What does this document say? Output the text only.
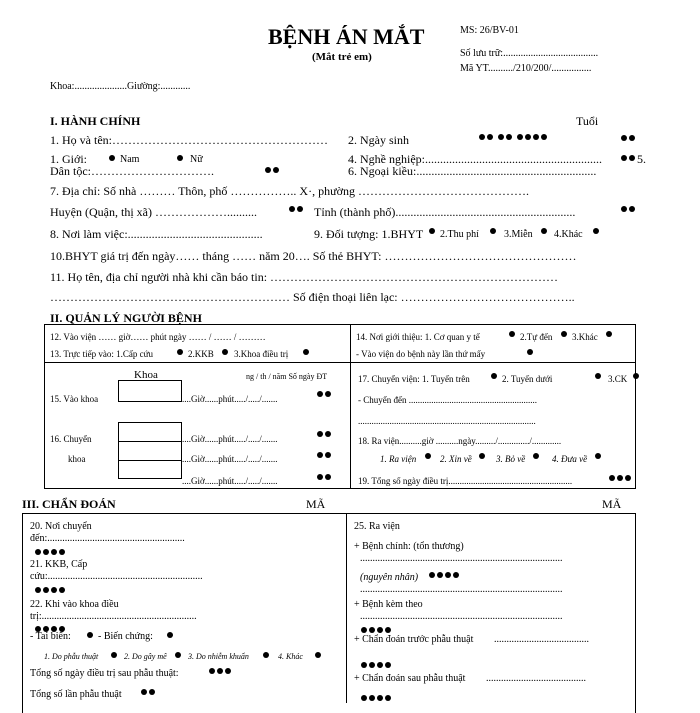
BỆNH ÁN MẮT
(Mắt trẻ em)
MS: 26/BV-01
Số lưu trữ:......................................
Mã YT........../210/200/................
Khoa:.....................Giường:............
I. HÀNH CHÍNH	Tuổi
1. Họ và tên:……………………………………………… 2. Ngày sinh

1. Giới:	Nam	Nữ
Dân tộc:………………………….
4. Nghề nghiệp:...........................................................	5.
6. Ngoại kiều:............................................................
7. Địa chỉ: Số nhà ……… Thôn, phố …………….. X·, phường …………………………………….
Huyện (Quận, thị xã) ………………..........	Tỉnh (thành phố)............................................................
8. Nơi làm việc:.............................................	9. Đối tượng: 1.BHYT 2.Thu phí	3.Miễn 4.Khác
10.BHYT giá trị đến ngày…… tháng …… năm 20…. Số thẻ BHYT: …………………………………………
11. Họ tên, địa chỉ người nhà khi cần báo tin: ………………………………………………………………
…………………………………………………… Số điện thoại liên lạc: ……………………………………..
II. QUẢN LÝ NGƯỜI BỆNH
12. Vào viện …… giờ…… phút ngày …… / …… / ………
13. Trực tiếp vào: 1.Cấp cứu	2.KKB 3.Khoa điều trị
14. Nơi giới thiệu: 1. Cơ quan y tế	2.Tự đến 3.Khác
- Vào viện do bệnh này lần thứ mấy
Khoa	ng / th / năm Số ngày ĐT
15. Vào khoa	....Giờ......phút...../...../.......
16. Chuyển
khoa
....Giờ......phút...../...../.......
....Giờ......phút...../...../.......
....Giờ......phút...../...../.......
17. Chuyển viện: 1. Tuyến trên	2. Tuyến dưới	3.CK
- Chuyển đến .........................................................
...............................................................................
18. Ra viện..........giờ ..........ngày........./............../.............
1. Ra viện	2. Xin về	3. Bỏ về	4. Đưa về
19. Tổng số ngày điều trị.......................................................
III. CHẨN ĐOÁN	MÃ	MÃ
20. Nơi chuyển
đến:.......................................................
21. KKB, Cấp
cứu:..............................................................
22. Khi vào khoa điều
trị:..............................................................
- Tai biến:	- Biến chứng:
1. Do phẫu thuật	2. Do gây mê	3. Do nhiễm khuẩn	4. Khác
Tổng số ngày điều trị sau phẫu thuật:
Tổng số lần phẫu thuật
25. Ra viện
+ Bệnh chính: (tổn thương)
.................................................................................
(nguyên nhân)
.................................................................................
+ Bệnh kèm theo
.................................................................................
+ Chẩn đoán trước phẫu thuật ......................................
+ Chẩn đoán sau phẫu thuật ........................................
